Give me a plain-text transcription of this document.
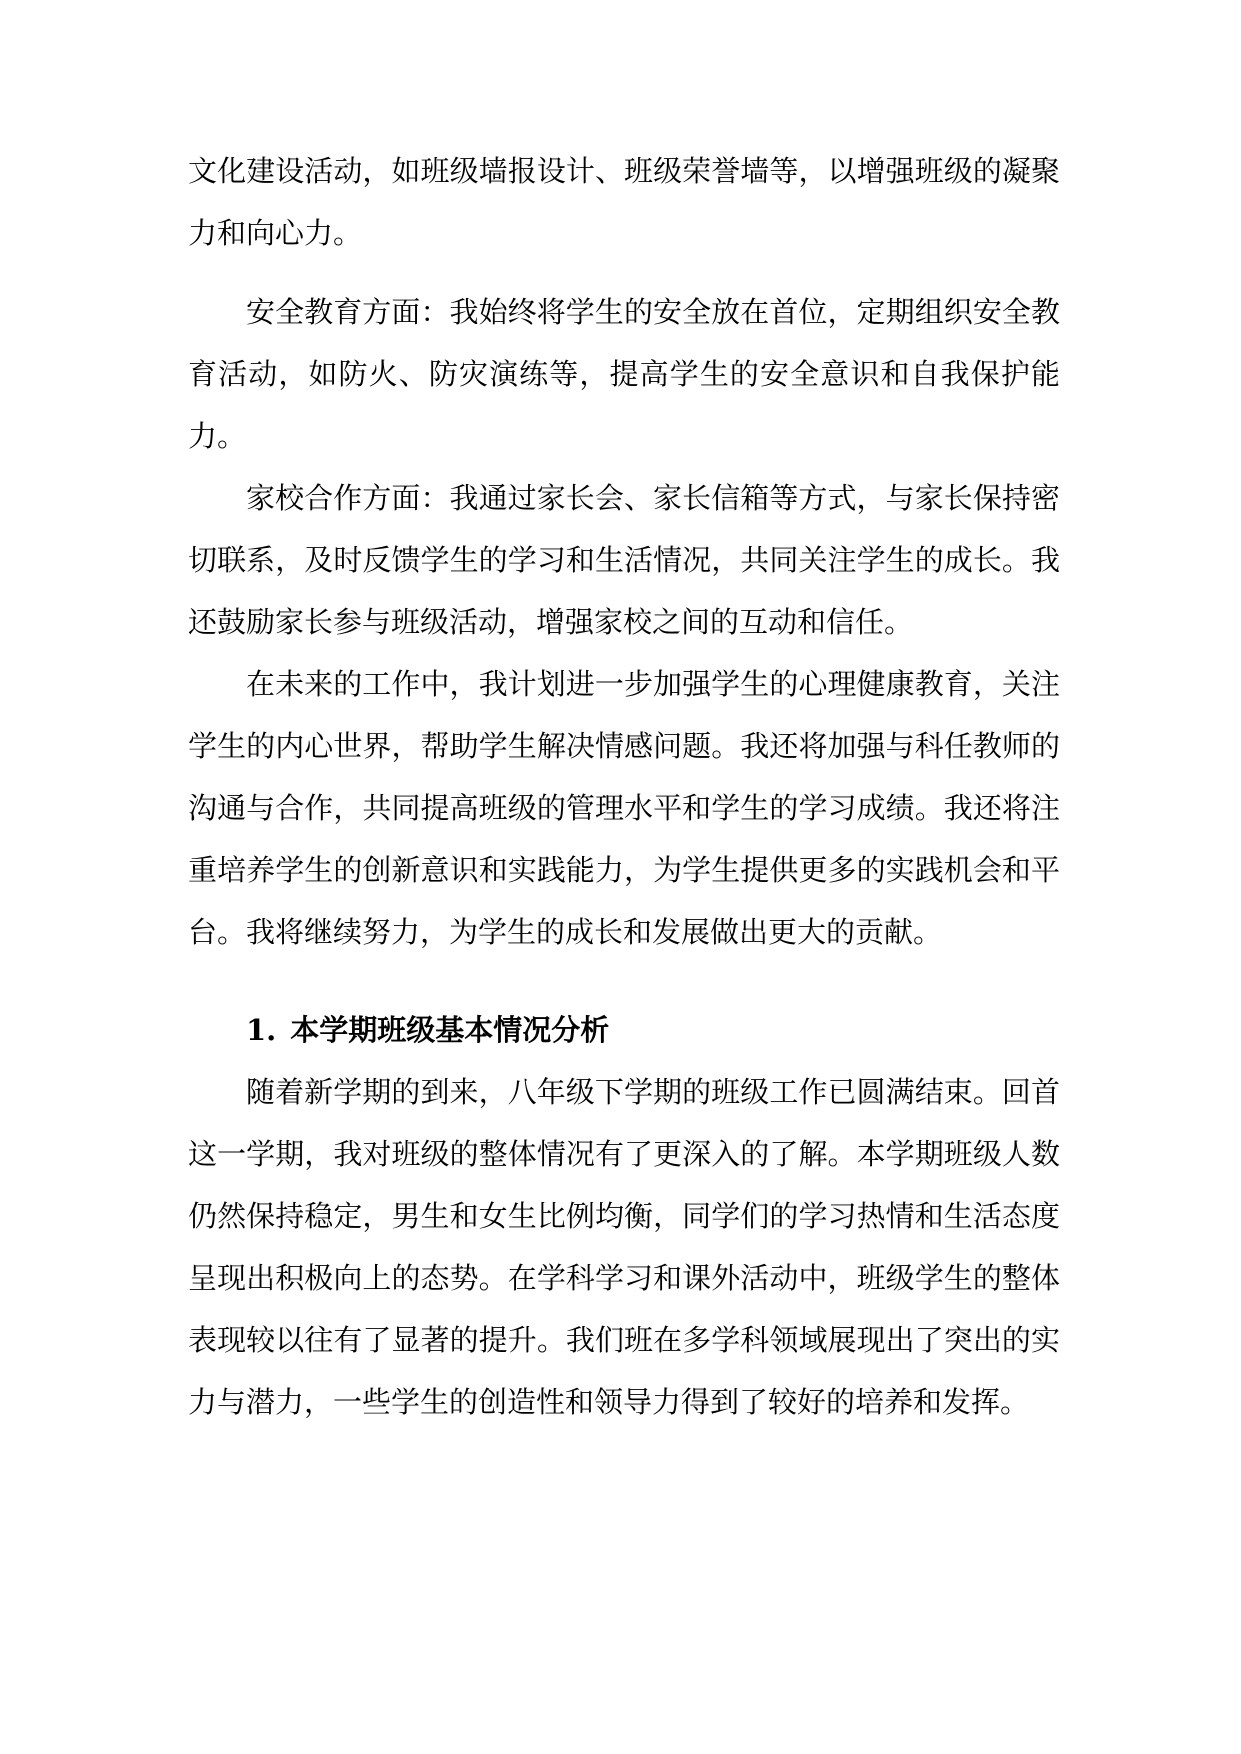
文化建设活动，如班级墙报设计、班级荣誉墙等，以增强班级的凝聚力和向心力。

安全教育方面：我始终将学生的安全放在首位，定期组织安全教育活动，如防火、防灾演练等，提高学生的安全意识和自我保护能力。

家校合作方面：我通过家长会、家长信箱等方式，与家长保持密切联系，及时反馈学生的学习和生活情况，共同关注学生的成长。我还鼓励家长参与班级活动，增强家校之间的互动和信任。

在未来的工作中，我计划进一步加强学生的心理健康教育，关注学生的内心世界，帮助学生解决情感问题。我还将加强与科任教师的沟通与合作，共同提高班级的管理水平和学生的学习成绩。我还将注重培养学生的创新意识和实践能力，为学生提供更多的实践机会和平台。我将继续努力，为学生的成长和发展做出更大的贡献。

1. 本学期班级基本情况分析

随着新学期的到来，八年级下学期的班级工作已圆满结束。回首这一学期，我对班级的整体情况有了更深入的了解。本学期班级人数仍然保持稳定，男生和女生比例均衡，同学们的学习热情和生活态度呈现出积极向上的态势。在学科学习和课外活动中，班级学生的整体表现较以往有了显著的提升。我们班在多学科领域展现出了突出的实力与潜力，一些学生的创造性和领导力得到了较好的培养和发挥。
